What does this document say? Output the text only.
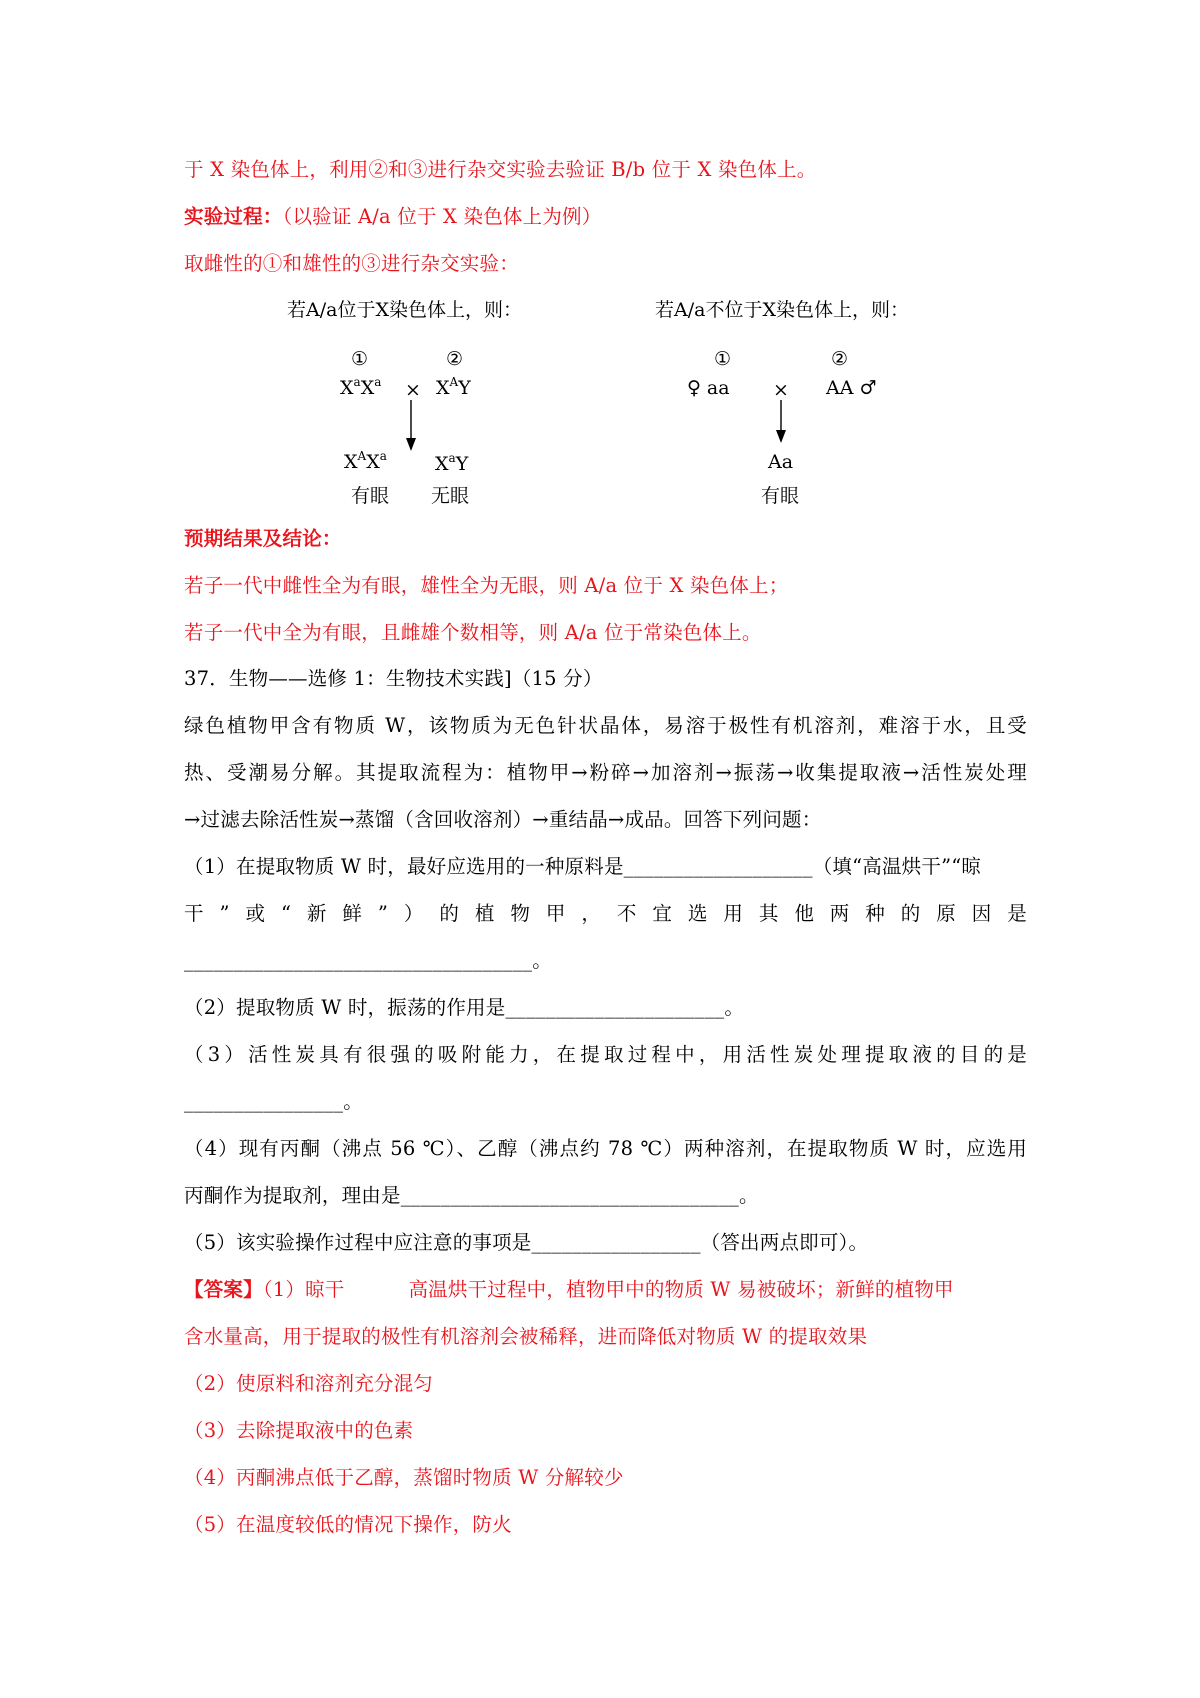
于 X 染色体上，利用②和③进行杂交实验去验证 B/b 位于 X 染色体上。
实验过程：（以验证 A/a 位于 X 染色体上为例）
取雌性的①和雄性的③进行杂交实验：
若A/a位于X染色体上，则：
①	②
$X^aX^a \times X^AY$
$X^AX^a$	$X^aY$
有眼 无眼
若A/a不位于X染色体上，则：
①	②
♀ aa × AA ♂
Aa
有眼
预期结果及结论：
若子一代中雌性全为有眼，雄性全为无眼，则 A/a 位于 X 染色体上；
若子一代中全为有眼，且雌雄个数相等，则 A/a 位于常染色体上。
37．生物——选修 1：生物技术实践]（15 分）
绿色植物甲含有物质 W，该物质为无色针状晶体，易溶于极性有机溶剂，难溶于水，且受
热、受潮易分解。其提取流程为：植物甲→粉碎→加溶剂→振荡→收集提取液→活性炭处理
→过滤去除活性炭→蒸馏（含回收溶剂）→重结晶→成品。回答下列问题：
（1）在提取物质 W 时，最好应选用的一种原料是___________________（填“高温烘干”“晾
干”或“新鲜”）的植物甲，不宜选用其他两种的原因是
___________________________________。
（2）提取物质 W 时，振荡的作用是______________________。
（3）活性炭具有很强的吸附能力，在提取过程中，用活性炭处理提取液的目的是
________________。
（4）现有丙酮（沸点 56 ℃）、乙醇（沸点约 78 ℃）两种溶剂，在提取物质 W 时，应选用
丙酮作为提取剂，理由是__________________________________。
（5）该实验操作过程中应注意的事项是_________________（答出两点即可）。
【答案】（1）晾干	高温烘干过程中，植物甲中的物质 W 易被破坏；新鲜的植物甲
含水量高，用于提取的极性有机溶剂会被稀释，进而降低对物质 W 的提取效果
（2）使原料和溶剂充分混匀
（3）去除提取液中的色素
（4）丙酮沸点低于乙醇，蒸馏时物质 W 分解较少
（5）在温度较低的情况下操作，防火
